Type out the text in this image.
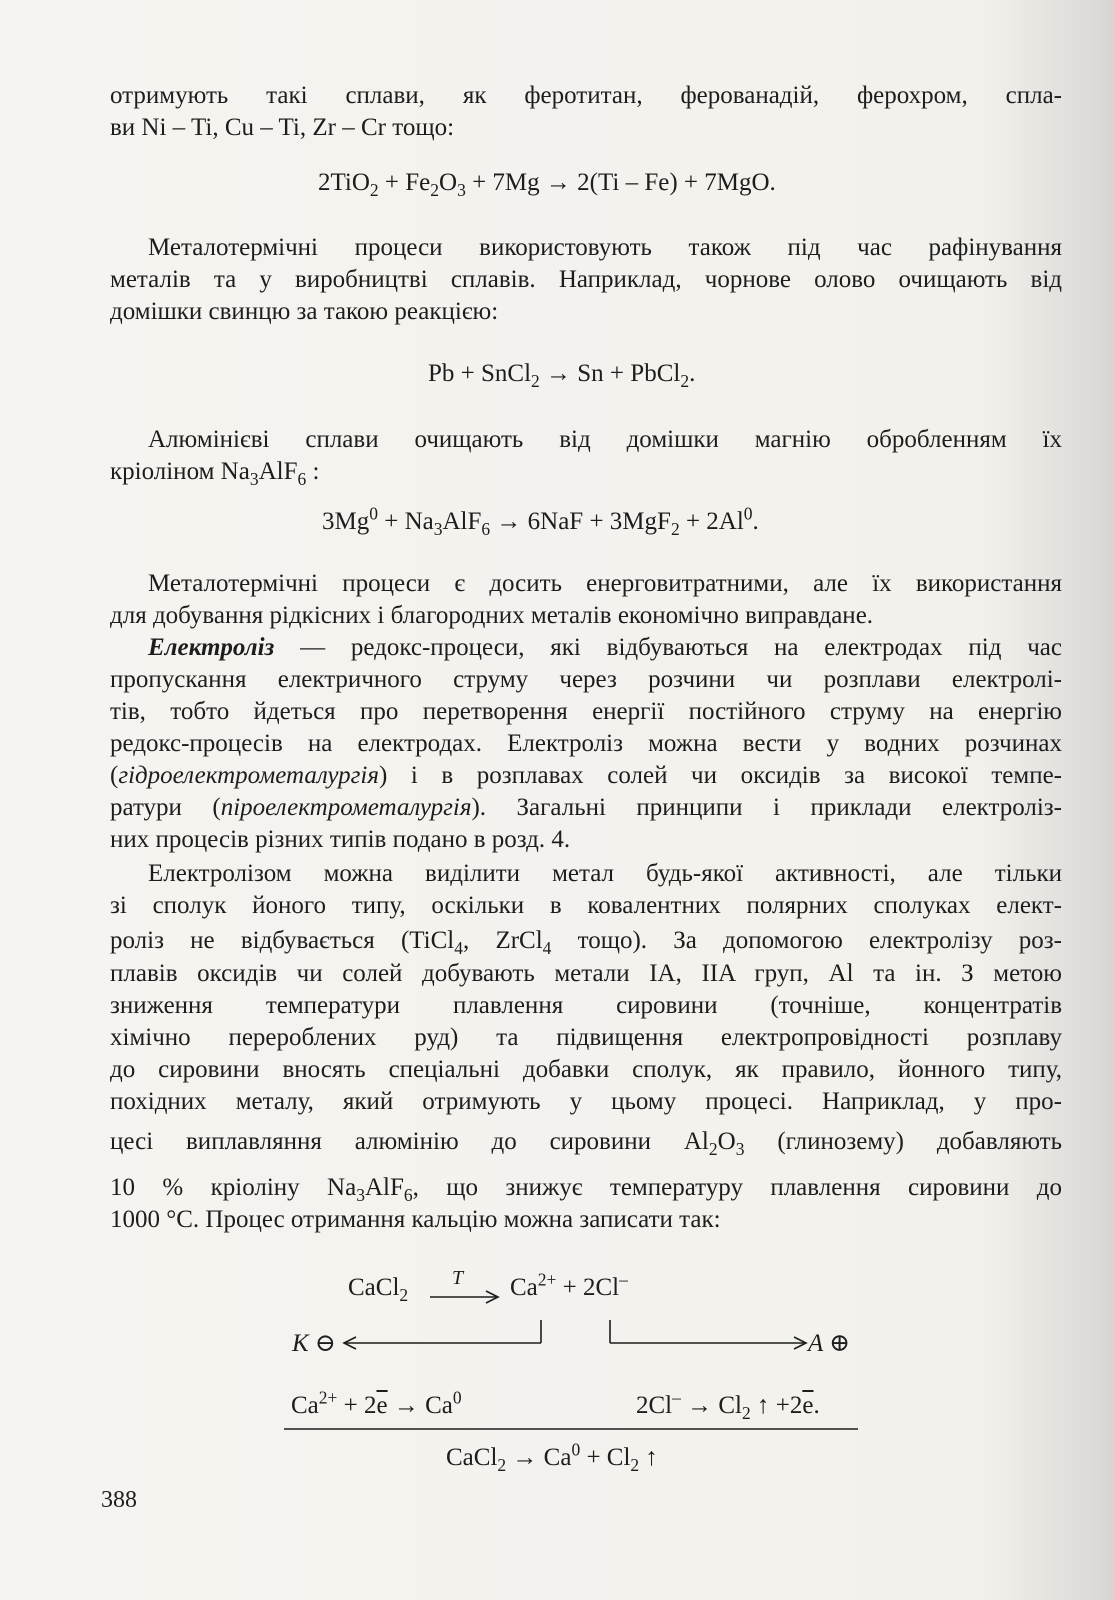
отримують такі сплави, як феротитан, ферованадій, ферохром, спла-

ви Ni – Ti, Cu – Ti, Zr – Cr тощо:

$2TiO_2 + Fe_2O_3 + 7Mg \to 2(Ti - Fe) + 7MgO$.

Металотермічні процеси використовують також під час рафінування

металів та у виробництві сплавів. Наприклад, чорнове олово очищають від

домішки свинцю за такою реакцією:

Pb + SnCl$_2$ → Sn + PbCl$_2$.

Алюмінієві сплави очищають від домішки магнію обробленням їх

кріоліном $Na_3AlF_6$ :

$3Mg^0 + Na_3AlF_6 \to 6NaF + 3MgF_2 + 2Al^0$.

Металотермічні процеси є досить енерговитратними, але їх використання

для добування рідкісних і благородних металів економічно виправдане.

Електроліз — редокс-процеси, які відбуваються на електродах під час

пропускання електричного струму через розчини чи розплави електролі-

тів, тобто йдеться про перетворення енергії постійного струму на енергію

редокс-процесів на електродах. Електроліз можна вести у водних розчинах

(гідроелектрометалургія) і в розплавах солей чи оксидів за високої темпе-

ратури (піроелектрометалургія). Загальні принципи і приклади електроліз-

них процесів різних типів подано в розд. 4.

Електролізом можна виділити метал будь-якої активності, але тільки

зі сполук йоного типу, оскільки в ковалентних полярних сполуках елект-

роліз не відбувається (TiCl$_4$, ZrCl$_4$ тощо). За допомогою електролізу роз-

плавів оксидів чи солей добувають метали IA, IIA груп, Al та ін. З метою

зниження температури плавлення сировини (точніше, концентратів

хімічно перероблених руд) та підвищення електропровідності розплаву

до сировини вносять спеціальні добавки сполук, як правило, йонного типу,

похідних металу, який отримують у цьому процесі. Наприклад, у про-

цесі виплавляння алюмінію до сировини $Al_2O_3$ (глинозему) добавляють

10 % кріоліну $Na_3AlF_6$, що знижує температуру плавлення сировини до

1000 °С. Процес отримання кальцію можна записати так:

CaCl$_2$
T $Ca^{2+} + 2Cl^-$
K ⊖	A ⊕
$Ca^{2+} + 2\overline{e} \to Ca^0$	$2Cl^- \to Cl_2$ ↑ $+2\overline{e}$.
CaCl$_2$ → $Ca^0 + Cl_2$ ↑
388
